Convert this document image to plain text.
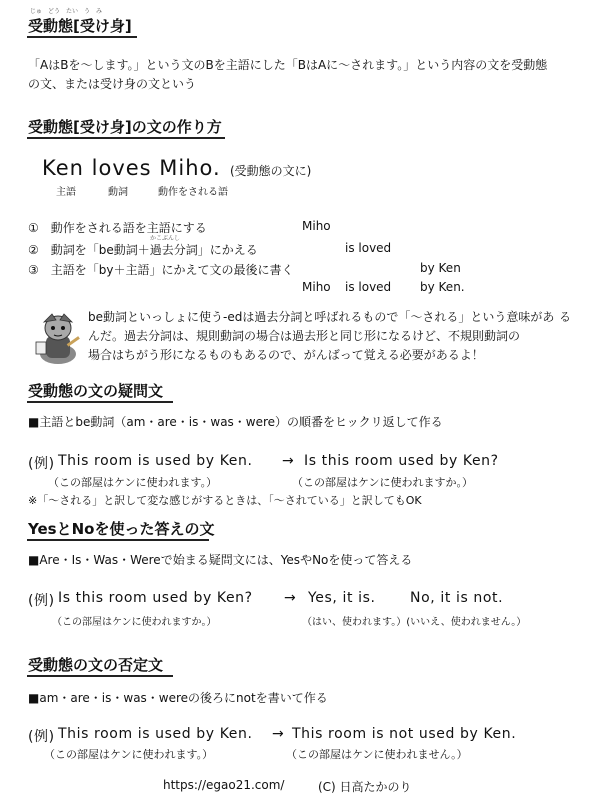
じゅ　どう　たい　う　み
受動態[受け身]
「AはBを～します。」という文のBを主語にした「BはAに～されます。」という内容の文を受動態
の文、または受け身の文という
受動態[受け身]の文の作り方
Ken loves Miho. (受動態の文に)
主語	動詞	動作をされる語
①　動作をされる語を主語にする	Miho
かこぶんし
②　動詞を「be動詞＋過去分詞」にかえる	is loved
③　主語を「by＋主語」にかえて文の最後に書く	by Ken
Miho is loved by Ken.
be動詞といっしょに使う-edは過去分詞と呼ばれるもので「～される」という意味があ る
んだ。過去分詞は、規則動詞の場合は過去形と同じ形になるけど、不規則動詞の
場合はちがう形になるものもあるので、がんばって覚える必要があるよ！
受動態の文の疑問文
■主語とbe動詞（am・are・is・was・were）の順番をヒックリ返して作る
(例) This room is used by Ken. → Is this room used by Ken?
（この部屋はケンに使われます。）	（この部屋はケンに使われますか。）
※「～される」と訳して変な感じがするときは、「～されている」と訳してもOK
YesとNoを使った答えの文
■Are・Is・Was・Wereで始まる疑問文には、YesやNoを使って答える
(例) Is this room used by Ken? → Yes, it is. No, it is not.
（この部屋はケンに使われますか。）	（はい、使われます。）(いいえ、使われません。）
受動態の文の否定文
■am・are・is・was・wereの後ろにnotを書いて作る
(例) This room is used by Ken. → This room is not used by Ken.
（この部屋はケンに使われます。）	（この部屋はケンに使われません。）
https://egao21.com/	(C) 日高たかのり
